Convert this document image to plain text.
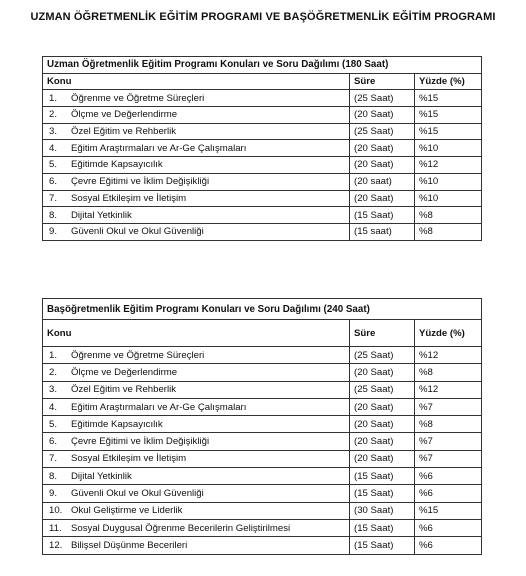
UZMAN ÖĞRETMENLİK EĞİTİM PROGRAMI VE BAŞÖĞRETMENLİK EĞİTİM PROGRAMI
Uzman Öğretmenlik Eğitim Programı Konuları ve Soru Dağılımı (180 Saat)		
Konu	Süre	Yüzde (%)
1. Öğrenme ve Öğretme Süreçleri	(25 Saat)	%15
2. Ölçme ve Değerlendirme	(20 Saat)	%15
3. Özel Eğitim ve Rehberlik	(25 Saat)	%15
4. Eğitim Araştırmaları ve Ar-Ge Çalışmaları	(20 Saat)	%10
5. Eğitimde Kapsayıcılık	(20 Saat)	%12
6. Çevre Eğitimi ve İklim Değişikliği	(20 saat)	%10
7. Sosyal Etkileşim ve İletişim	(20 Saat)	%10
8. Dijital Yetkinlik	(15 Saat)	%8
9. Güvenli Okul ve Okul Güvenliği	(15 saat)	%8
Başöğretmenlik Eğitim Programı Konuları ve Soru Dağılımı (240 Saat)		
Konu	Süre	Yüzde (%)
1. Öğrenme ve Öğretme Süreçleri	(25 Saat)	%12
2. Ölçme ve Değerlendirme	(20 Saat)	%8
3. Özel Eğitim ve Rehberlik	(25 Saat)	%12
4. Eğitim Araştırmaları ve Ar-Ge Çalışmaları	(20 Saat)	%7
5. Eğitimde Kapsayıcılık	(20 Saat)	%8
6. Çevre Eğitimi ve İklim Değişikliği	(20 Saat)	%7
7. Sosyal Etkileşim ve İletişim	(20 Saat)	%7
8. Dijital Yetkinlik	(15 Saat)	%6
9. Güvenli Okul ve Okul Güvenliği	(15 Saat)	%6
10. Okul Geliştirme ve Liderlik	(30 Saat)	%15
11. Sosyal Duygusal Öğrenme Becerilerin Geliştirilmesi	(15 Saat)	%6
12. Bilişsel Düşünme Becerileri	(15 Saat)	%6
